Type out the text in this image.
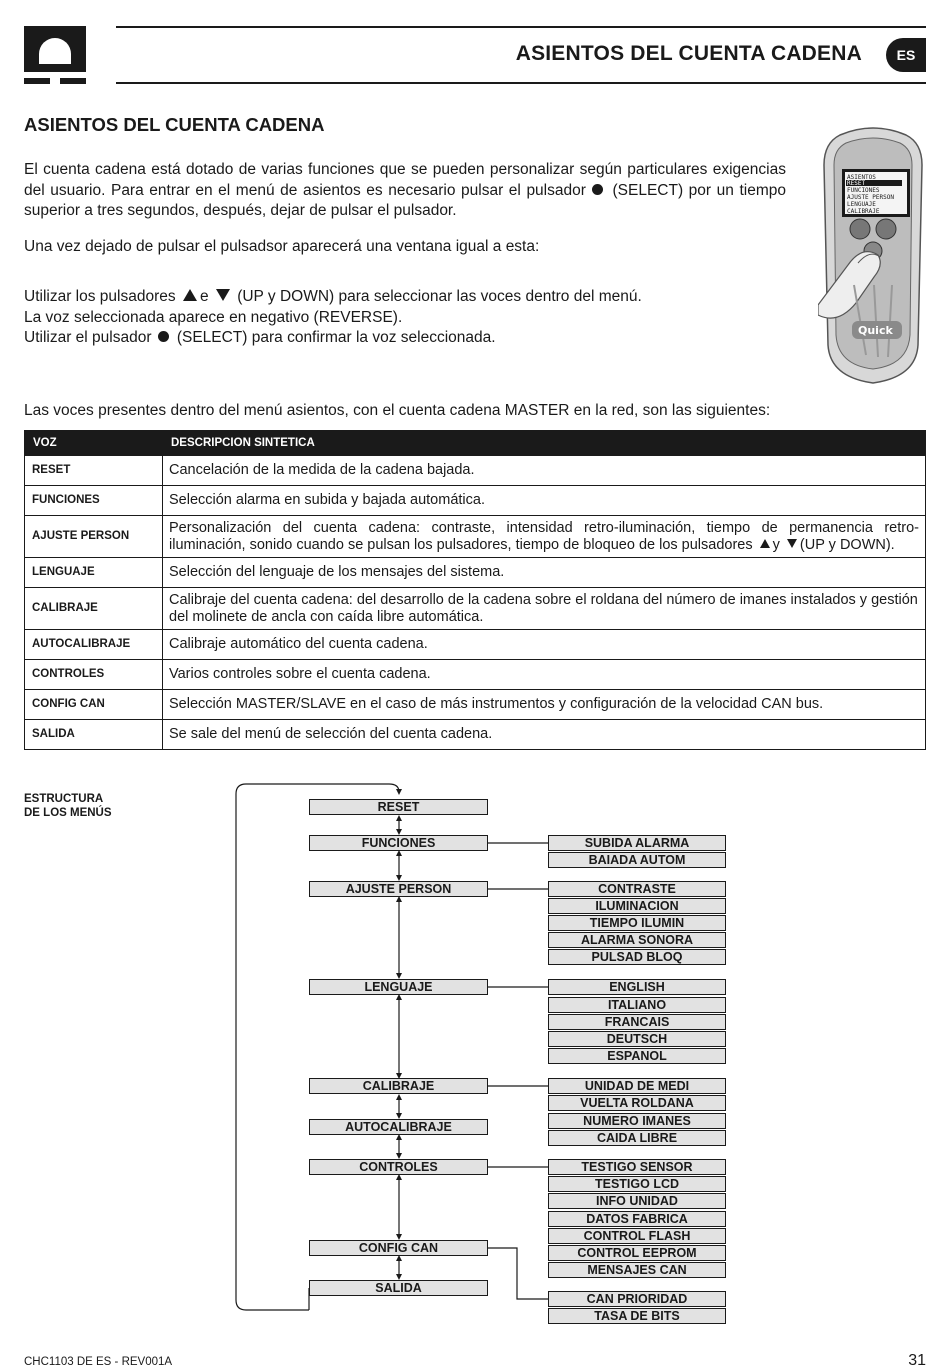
ASIENTOS DEL CUENTA CADENA	ES
ASIENTOS DEL CUENTA CADENA
El cuenta cadena está dotado de varias funciones que se pueden personalizar según particulares exigencias del usuario. Para entrar en el menú de asientos es necesario pulsar el pulsador (SELECT) por un tiempo superior a tres segundos, después, dejar de pulsar el pulsador.
Una vez dejado de pulsar el pulsadsor aparecerá una ventana igual a esta:
Utilizar los pulsadores e (UP y DOWN) para seleccionar las voces dentro del menú.
La voz seleccionada aparece en negativo (REVERSE).
Utilizar el pulsador (SELECT) para confirmar la voz seleccionada.
Las voces presentes dentro del menú asientos, con el cuenta cadena MASTER en la red, son las siguientes:
ASIENTOS
RESET
FUNCIONES
AJUSTE PERSON
LENGUAJE
CALIBRAJE
Quick
VOZ	DESCRIPCION SINTETICA
RESET	Cancelación de la medida de la cadena bajada.
FUNCIONES	Selección alarma en subida y bajada automática.
AJUSTE PERSON	Personalización del cuenta cadena: contraste, intensidad retro-iluminación, tiempo de permanencia retro-iluminación, sonido cuando se pulsan los pulsadores, tiempo de bloqueo de los pulsadores y (UP y DOWN).
LENGUAJE	Selección del lenguaje de los mensajes del sistema.
CALIBRAJE	Calibraje del cuenta cadena: del desarrollo de la cadena sobre el roldana del número de imanes instalados y gestión del molinete de ancla con caída libre automática.
AUTOCALIBRAJE	Calibraje automático del cuenta cadena.
CONTROLES	Varios controles sobre el cuenta cadena.
CONFIG CAN	Selección MASTER/SLAVE en el caso de más instrumentos y configuración de la velocidad CAN bus.
SALIDA	Se sale del menú de selección del cuenta cadena.
ESTRUCTURA
DE LOS MENÚS	RESET
FUNCIONES
AJUSTE PERSON
LENGUAJE
CALIBRAJE
AUTOCALIBRAJE
CONTROLES
CONFIG CAN
SALIDA
SUBIDA ALARMA
BAIADA AUTOM
CONTRASTE
ILUMINACION
TIEMPO ILUMIN
ALARMA SONORA
PULSAD BLOQ
ENGLISH
ITALIANO
FRANCAIS
DEUTSCH
ESPANOL
UNIDAD DE MEDI
VUELTA ROLDANA
NUMERO IMANES
CAIDA LIBRE
TESTIGO SENSOR
TESTIGO LCD
INFO UNIDAD
DATOS FABRICA
CONTROL FLASH
CONTROL EEPROM
MENSAJES CAN
CAN PRIORIDAD
TASA DE BITS
CHC1103 DE ES - REV001A	31
